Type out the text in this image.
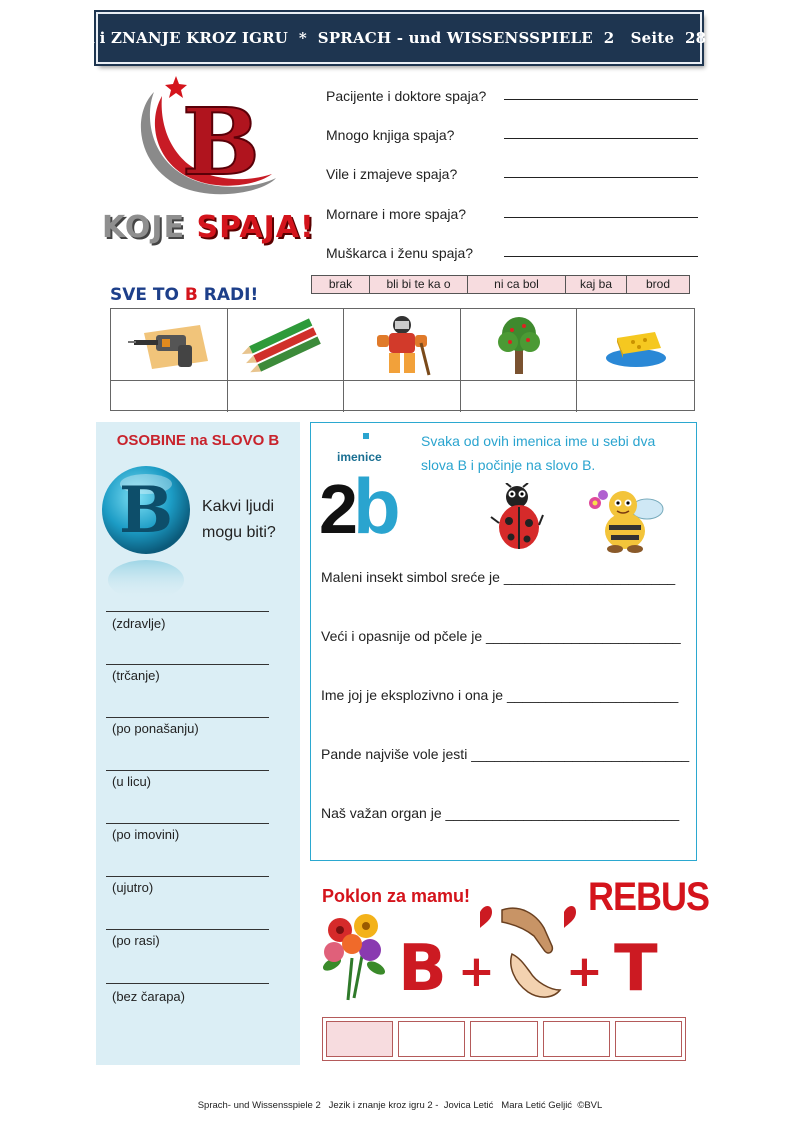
JEZIK i ZNANJE KROZ IGRU  *  SPRACH - und WISSENSSPIELE  2   Seite  28  BKS
B
KOJE SPAJA!
Pacijente i doktore spaja?
Mnogo knjiga spaja?
Vile i zmajeve spaja?
Mornare i more spaja?
Muškarca i ženu spaja?
brak	bli bi te ka o	ni ca bol	kaj ba	brod
SVE TO B RADI!
OSOBINE na SLOVO B
B Kakvi ljudi mogu biti?
(zdravlje)
(trčanje)
(po ponašanju)
(u licu)
(po imovini)
(ujutro)
(po rasi)
(bez čarapa)
imenice
2
b
Svaka od ovih imenica ime u sebi dva slova B i počinje na slovo B.
Maleni insekt simbol sreće je ______________________
Veći i opasnije od pčele je _________________________
Ime joj je eksplozivno i ona je ______________________
Pande najviše vole jesti ____________________________
Naš važan organ je ______________________________
Poklon za mamu!	REBUS
B + + T
Sprach- und Wissensspiele 2   Jezik i znanje kroz igru 2 -  Jovica Letić   Mara Letić Geljić  ©BVL
